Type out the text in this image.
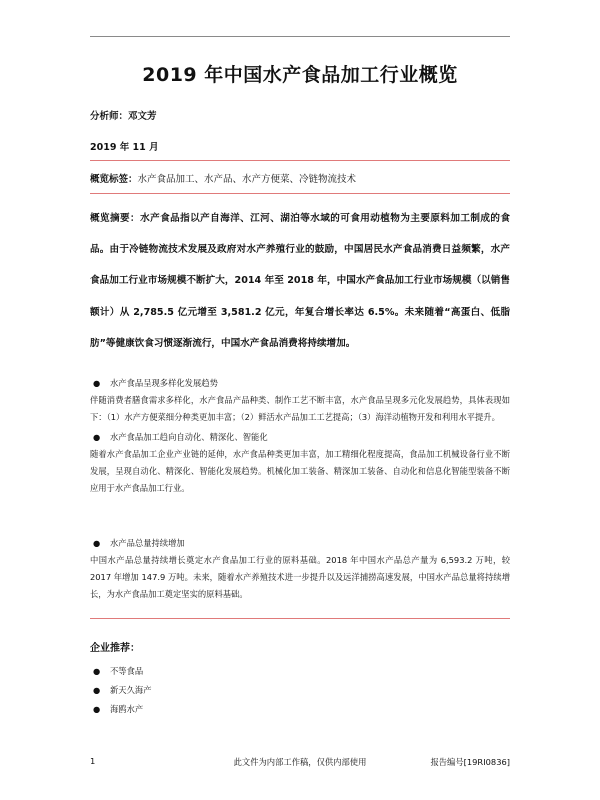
2019 年中国水产食品加工行业概览
分析师：邓文芳
2019 年 11 月
概览标签：水产食品加工、水产品、水产方便菜、冷链物流技术
概览摘要：水产食品指以产自海洋、江河、湖泊等水域的可食用动植物为主要原料加工制成的食品。由于冷链物流技术发展及政府对水产养殖行业的鼓励，中国居民水产食品消费日益频繁，水产食品加工行业市场规模不断扩大，2014 年至 2018 年，中国水产食品加工行业市场规模（以销售额计）从 2,785.5 亿元增至 3,581.2 亿元，年复合增长率达 6.5%。未来随着“高蛋白、低脂肪”等健康饮食习惯逐渐流行，中国水产食品消费将持续增加。
● 水产食品呈现多样化发展趋势
伴随消费者膳食需求多样化，水产食品产品种类、制作工艺不断丰富，水产食品呈现多元化发展趋势，具体表现如下：（1）水产方便菜细分种类更加丰富；（2）鲜活水产品加工工艺提高；（3）海洋动植物开发和利用水平提升。
● 水产食品加工趋向自动化、精深化、智能化
随着水产食品加工企业产业链的延伸，水产食品种类更加丰富，加工精细化程度提高，食品加工机械设备行业不断发展，呈现自动化、精深化、智能化发展趋势。机械化加工装备、精深加工装备、自动化和信息化智能型装备不断应用于水产食品加工行业。
● 水产品总量持续增加
中国水产品总量持续增长奠定水产食品加工行业的原料基础。2018 年中国水产品总产量为 6,593.2 万吨，较 2017 年增加 147.9 万吨。未来，随着水产养殖技术进一步提升以及远洋捕捞高速发展，中国水产品总量将持续增长，为水产食品加工奠定坚实的原料基础。
企业推荐：
● 不等食品
● 新天久海产
● 海鸥水产
1	此文件为内部工作稿，仅供内部使用	报告编号[19RI0836]
